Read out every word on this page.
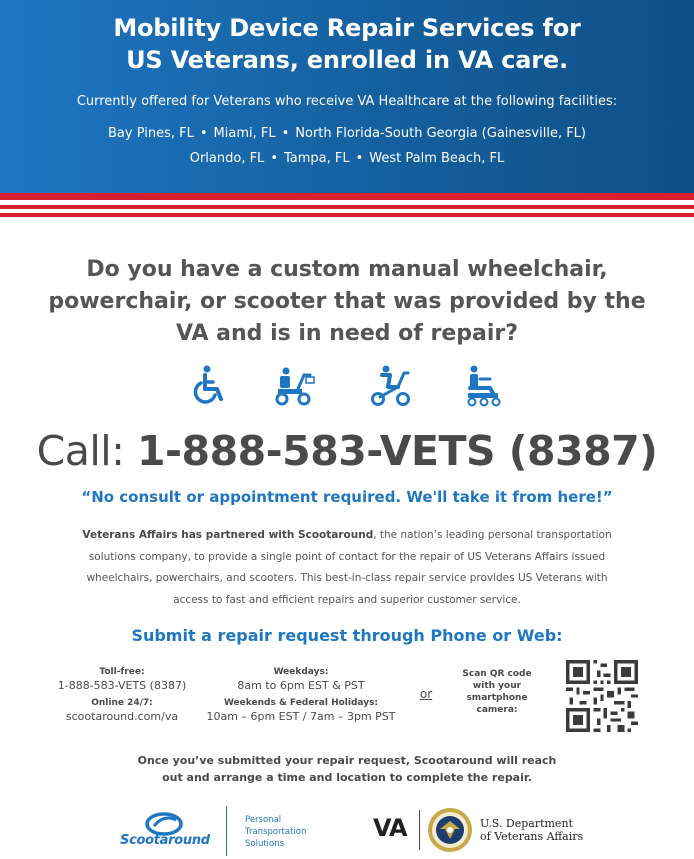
Mobility Device Repair Services for
US Veterans, enrolled in VA care.
Currently offered for Veterans who receive VA Healthcare at the following facilities:
Bay Pines, FL • Miami, FL • North Florida-South Georgia (Gainesville, FL)
Orlando, FL • Tampa, FL • West Palm Beach, FL
Do you have a custom manual wheelchair,
powerchair, or scooter that was provided by the
VA and is in need of repair?
Call: 1-888-583-VETS (8387)
“No consult or appointment required. We'll take it from here!”
Veterans Affairs has partnered with Scootaround, the nation’s leading personal transportation
solutions company, to provide a single point of contact for the repair of US Veterans Affairs issued
wheelchairs, powerchairs, and scooters. This best-in-class repair service provides US Veterans with
access to fast and efficient repairs and superior customer service.
Submit a repair request through Phone or Web:
Toll-free:
1-888-583-VETS (8387)
Online 24/7:
scootaround.com/va
Weekdays:
8am to 6pm EST & PST
Weekends & Federal Holidays:
10am – 6pm EST / 7am – 3pm PST
or
Scan QR code
with your
smartphone
camera:
Once you’ve submitted your repair request, Scootaround will reach
out and arrange a time and location to complete the repair.
Scootaround
Personal
Transportation
Solutions
VA	U.S. Department
of Veterans Affairs
